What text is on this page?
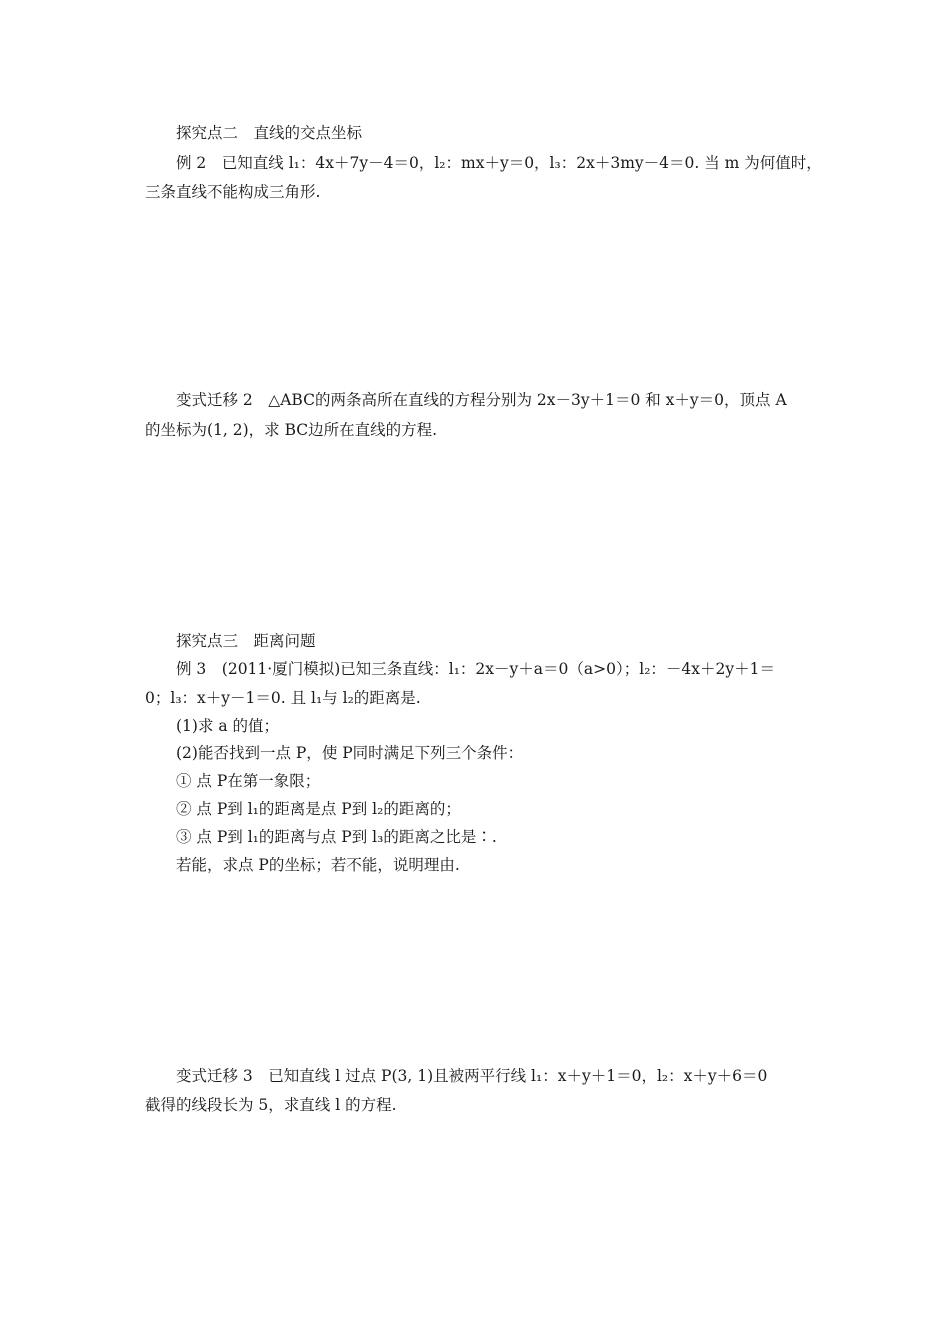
探究点二　直线的交点坐标
例 2　已知直线 l₁：4x＋7y－4＝0，l₂：mx＋y＝0，l₃：2x＋3my－4＝0. 当 m 为何值时，
三条直线不能构成三角形.
变式迁移 2　△ABC的两条高所在直线的方程分别为 2x－3y＋1＝0 和 x＋y＝0，顶点 A
的坐标为(1, 2)，求 BC边所在直线的方程.
探究点三　距离问题
例 3　(2011·厦门模拟)已知三条直线：l₁：2x－y＋a＝0（a>0）；l₂：－4x＋2y＋1＝
0；l₃：x＋y－1＝0. 且 l₁与 l₂的距离是.
(1)求 a 的值；
(2)能否找到一点 P，使 P同时满足下列三个条件：
① 点 P在第一象限；
② 点 P到 l₁的距离是点 P到 l₂的距离的；
③ 点 P到 l₁的距离与点 P到 l₃的距离之比是∶.
若能，求点 P的坐标；若不能，说明理由.
变式迁移 3　已知直线 l 过点 P(3, 1)且被两平行线 l₁：x＋y＋1＝0，l₂：x＋y＋6＝0
截得的线段长为 5，求直线 l 的方程.
